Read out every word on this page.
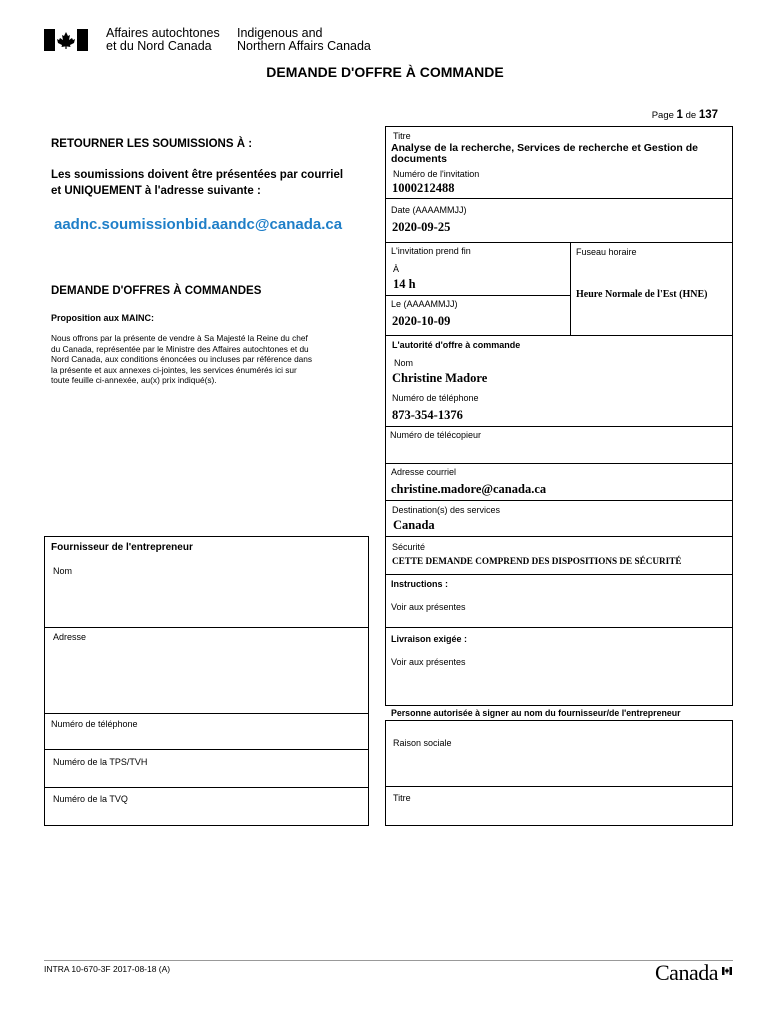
Affaires autochtones
et du Nord Canada
Indigenous and
Northern Affairs Canada
DEMANDE D'OFFRE À COMMANDE
Page 1 de 137
RETOURNER LES SOUMISSIONS À :
Les soumissions doivent être présentées par courriel
et UNIQUEMENT à l'adresse suivante :
aadnc.soumissionbid.aandc@canada.ca
DEMANDE D'OFFRES À COMMANDES
Proposition aux MAINC:
Nous offrons par la présente de vendre à Sa Majesté la Reine du chef
du Canada, représentée par le Ministre des Affaires autochtones et du
Nord Canada, aux conditions énoncées ou incluses par référence dans
la présente et aux annexes ci-jointes, les services énumérés ici sur
toute feuille ci-annexée, au(x) prix indiqué(s).
Fournisseur de l'entrepreneur
Nom
Adresse
Numéro de téléphone
Numéro de la TPS/TVH
Numéro de la TVQ
Titre
Analyse de la recherche, Services de recherche et Gestion de
documents
Numéro de l'invitation
1000212488
Date (AAAAMMJJ)
2020-09-25
L'invitation prend fin
À
14 h
Fuseau horaire
Heure Normale de l'Est (HNE)
Le (AAAAMMJJ)
2020-10-09
L'autorité d'offre à commande
Nom
Christine Madore
Numéro de téléphone
873-354-1376
Numéro de télécopieur
Adresse courriel
christine.madore@canada.ca
Destination(s) des services
Canada
Sécurité
CETTE DEMANDE COMPREND DES DISPOSITIONS DE SÉCURITÉ
Instructions :
Voir aux présentes
Livraison exigée :
Voir aux présentes
Personne autorisée à signer au nom du fournisseur/de l'entrepreneur
Raison sociale
Titre
INTRA 10-670-3F 2017-08-18 (A)	Canada
